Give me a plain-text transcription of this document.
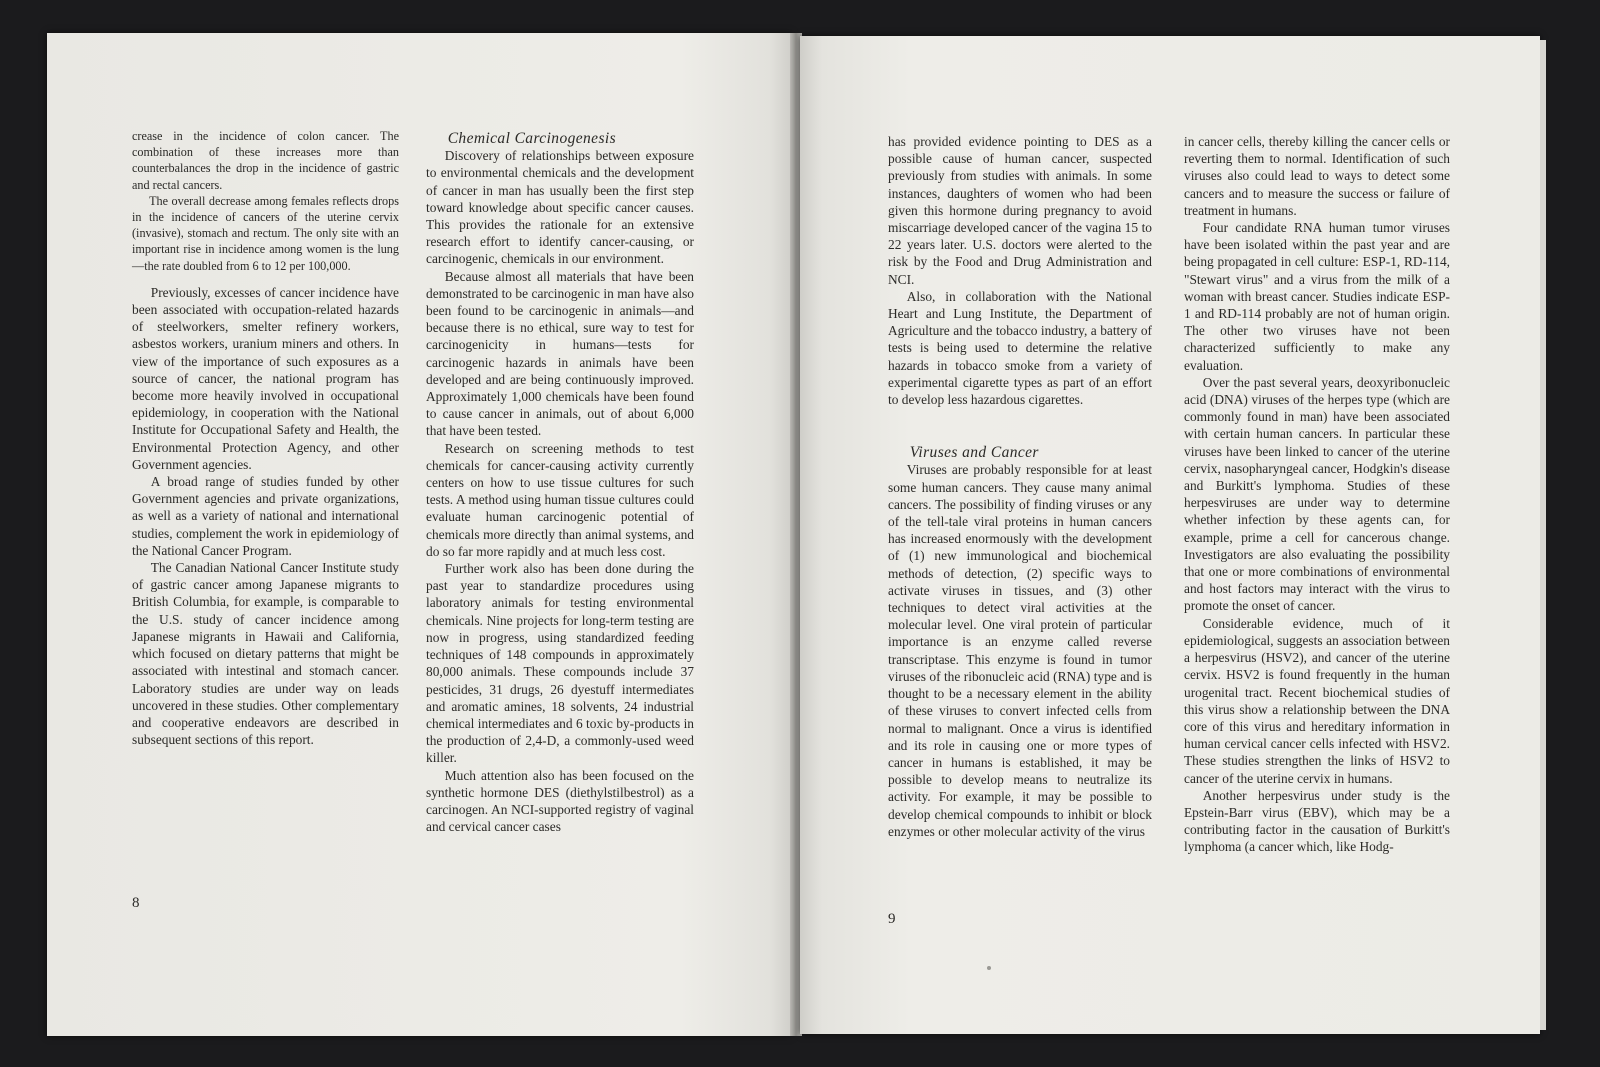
crease in the incidence of colon cancer. The combination of these increases more than counterbalances the drop in the incidence of gastric and rectal cancers.

The overall decrease among females reflects drops in the incidence of cancers of the uterine cervix (invasive), stomach and rectum. The only site with an important rise in incidence among women is the lung—the rate doubled from 6 to 12 per 100,000.

Previously, excesses of cancer incidence have been associated with occupation-related hazards of steelworkers, smelter refinery workers, asbestos workers, uranium miners and others. In view of the importance of such exposures as a source of cancer, the national program has become more heavily involved in occupational epidemiology, in cooperation with the National Institute for Occupational Safety and Health, the Environmental Protection Agency, and other Government agencies.

A broad range of studies funded by other Government agencies and private organizations, as well as a variety of national and international studies, complement the work in epidemiology of the National Cancer Program.

The Canadian National Cancer Institute study of gastric cancer among Japanese migrants to British Columbia, for example, is comparable to the U.S. study of cancer incidence among Japanese migrants in Hawaii and California, which focused on dietary patterns that might be associated with intestinal and stomach cancer. Laboratory studies are under way on leads uncovered in these studies. Other complementary and cooperative endeavors are described in subsequent sections of this report.

Chemical Carcinogenesis

Discovery of relationships between exposure to environmental chemicals and the development of cancer in man has usually been the first step toward knowledge about specific cancer causes. This provides the rationale for an extensive research effort to identify cancer-causing, or carcinogenic, chemicals in our environment.

Because almost all materials that have been demonstrated to be carcinogenic in man have also been found to be carcinogenic in animals—and because there is no ethical, sure way to test for carcinogenicity in humans—tests for carcinogenic hazards in animals have been developed and are being continuously improved. Approximately 1,000 chemicals have been found to cause cancer in animals, out of about 6,000 that have been tested.

Research on screening methods to test chemicals for cancer-causing activity currently centers on how to use tissue cultures for such tests. A method using human tissue cultures could evaluate human carcinogenic potential of chemicals more directly than animal systems, and do so far more rapidly and at much less cost.

Further work also has been done during the past year to standardize procedures using laboratory animals for testing environmental chemicals. Nine projects for long-term testing are now in progress, using standardized feeding techniques of 148 compounds in approximately 80,000 animals. These compounds include 37 pesticides, 31 drugs, 26 dyestuff intermediates and aromatic amines, 18 solvents, 24 industrial chemical intermediates and 6 toxic by-products in the production of 2,4-D, a commonly-used weed killer.

Much attention also has been focused on the synthetic hormone DES (diethylstilbestrol) as a carcinogen. An NCI-supported registry of vaginal and cervical cancer cases

8

has provided evidence pointing to DES as a possible cause of human cancer, suspected previously from studies with animals. In some instances, daughters of women who had been given this hormone during pregnancy to avoid miscarriage developed cancer of the vagina 15 to 22 years later. U.S. doctors were alerted to the risk by the Food and Drug Administration and NCI.

Also, in collaboration with the National Heart and Lung Institute, the Department of Agriculture and the tobacco industry, a battery of tests is being used to determine the relative hazards in tobacco smoke from a variety of experimental cigarette types as part of an effort to develop less hazardous cigarettes.

Viruses and Cancer

Viruses are probably responsible for at least some human cancers. They cause many animal cancers. The possibility of finding viruses or any of the tell-tale viral proteins in human cancers has increased enormously with the development of (1) new immunological and biochemical methods of detection, (2) specific ways to activate viruses in tissues, and (3) other techniques to detect viral activities at the molecular level. One viral protein of particular importance is an enzyme called reverse transcriptase. This enzyme is found in tumor viruses of the ribonucleic acid (RNA) type and is thought to be a necessary element in the ability of these viruses to convert infected cells from normal to malignant. Once a virus is identified and its role in causing one or more types of cancer in humans is established, it may be possible to develop means to neutralize its activity. For example, it may be possible to develop chemical compounds to inhibit or block enzymes or other molecular activity of the virus

in cancer cells, thereby killing the cancer cells or reverting them to normal. Identification of such viruses also could lead to ways to detect some cancers and to measure the success or failure of treatment in humans.

Four candidate RNA human tumor viruses have been isolated within the past year and are being propagated in cell culture: ESP-1, RD-114, "Stewart virus" and a virus from the milk of a woman with breast cancer. Studies indicate ESP-1 and RD-114 probably are not of human origin. The other two viruses have not been characterized sufficiently to make any evaluation.

Over the past several years, deoxyribonucleic acid (DNA) viruses of the herpes type (which are commonly found in man) have been associated with certain human cancers. In particular these viruses have been linked to cancer of the uterine cervix, nasopharyngeal cancer, Hodgkin's disease and Burkitt's lymphoma. Studies of these herpesviruses are under way to determine whether infection by these agents can, for example, prime a cell for cancerous change. Investigators are also evaluating the possibility that one or more combinations of environmental and host factors may interact with the virus to promote the onset of cancer.

Considerable evidence, much of it epidemiological, suggests an association between a herpesvirus (HSV2), and cancer of the uterine cervix. HSV2 is found frequently in the human urogenital tract. Recent biochemical studies of this virus show a relationship between the DNA core of this virus and hereditary information in human cervical cancer cells infected with HSV2. These studies strengthen the links of HSV2 to cancer of the uterine cervix in humans.

Another herpesvirus under study is the Epstein-Barr virus (EBV), which may be a contributing factor in the causation of Burkitt's lymphoma (a cancer which, like Hodg-

9
